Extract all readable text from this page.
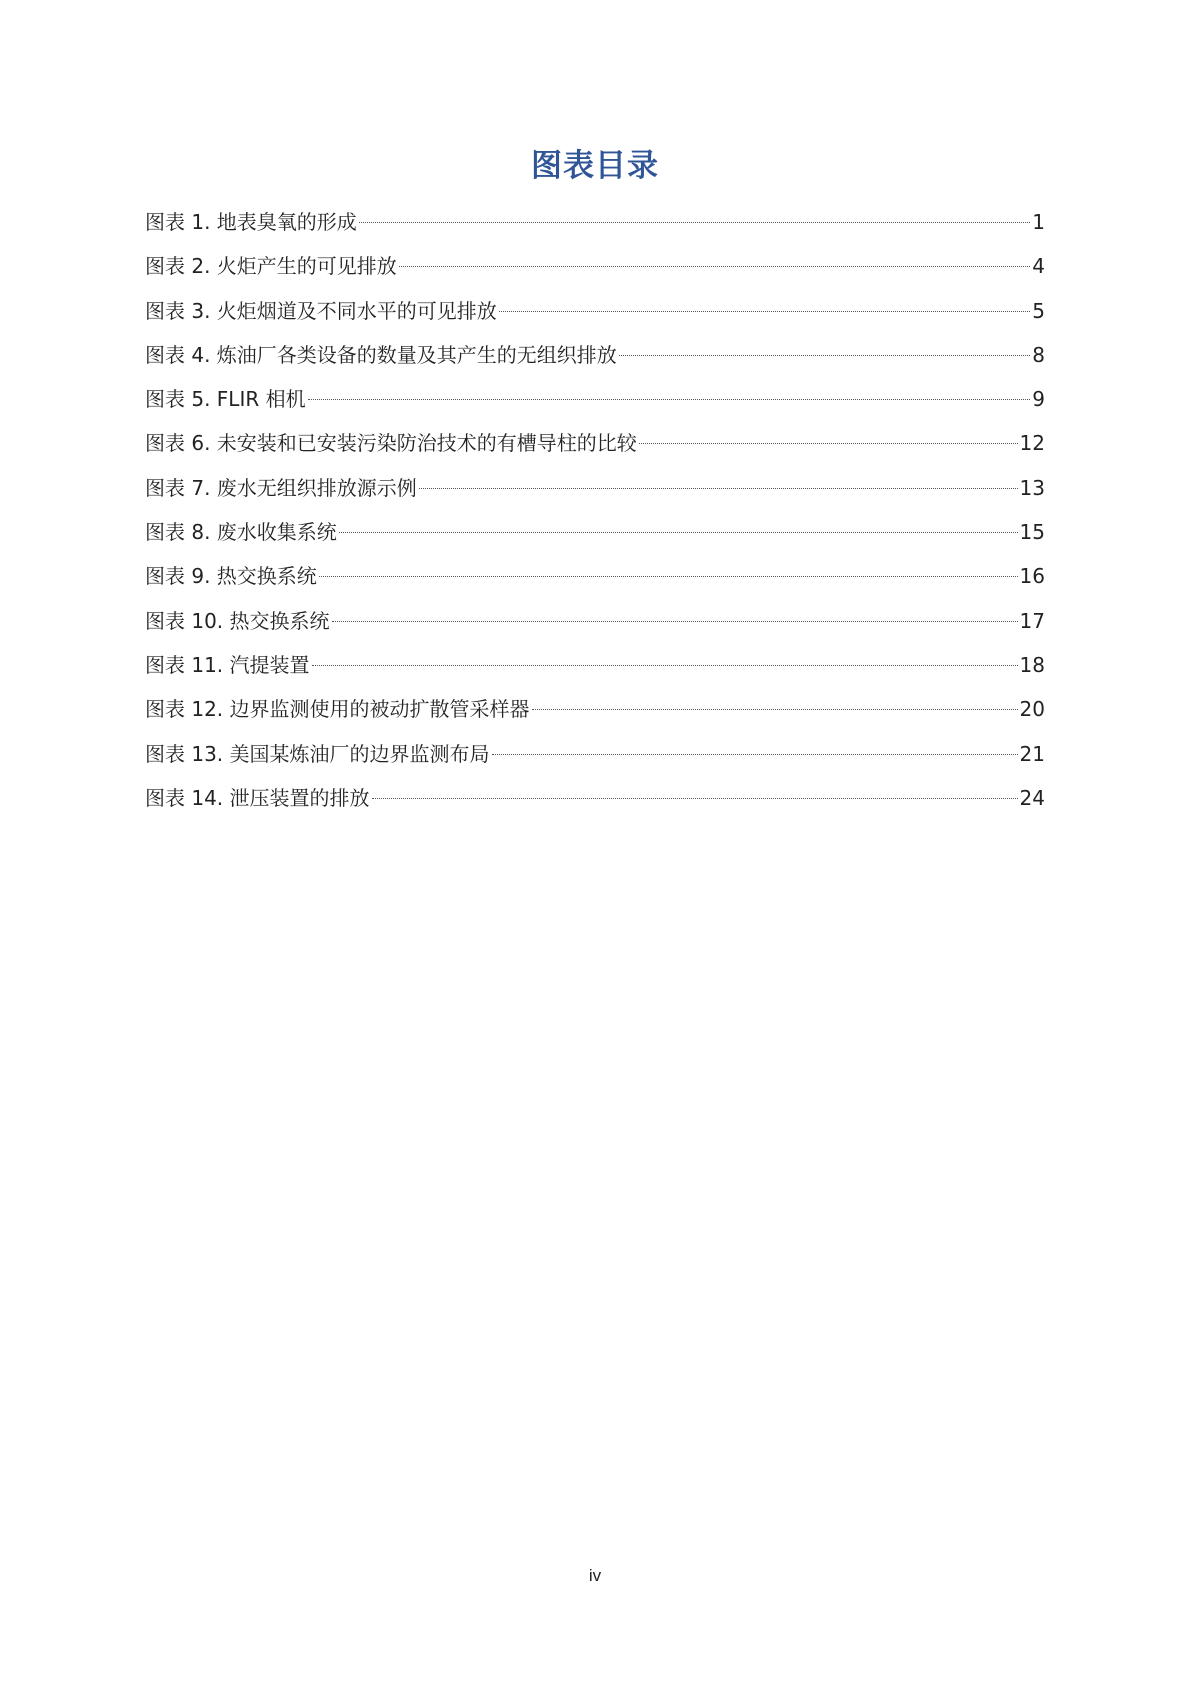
图表目录
图表 1. 地表臭氧的形成	1
图表 2. 火炬产生的可见排放	4
图表 3. 火炬烟道及不同水平的可见排放	5
图表 4. 炼油厂各类设备的数量及其产生的无组织排放	8
图表 5. FLIR 相机	9
图表 6. 未安装和已安装污染防治技术的有槽导柱的比较	12
图表 7. 废水无组织排放源示例	13
图表 8. 废水收集系统	15
图表 9. 热交换系统	16
图表 10. 热交换系统	17
图表 11. 汽提装置	18
图表 12. 边界监测使用的被动扩散管采样器	20
图表 13. 美国某炼油厂的边界监测布局	21
图表 14. 泄压装置的排放	24
iv
